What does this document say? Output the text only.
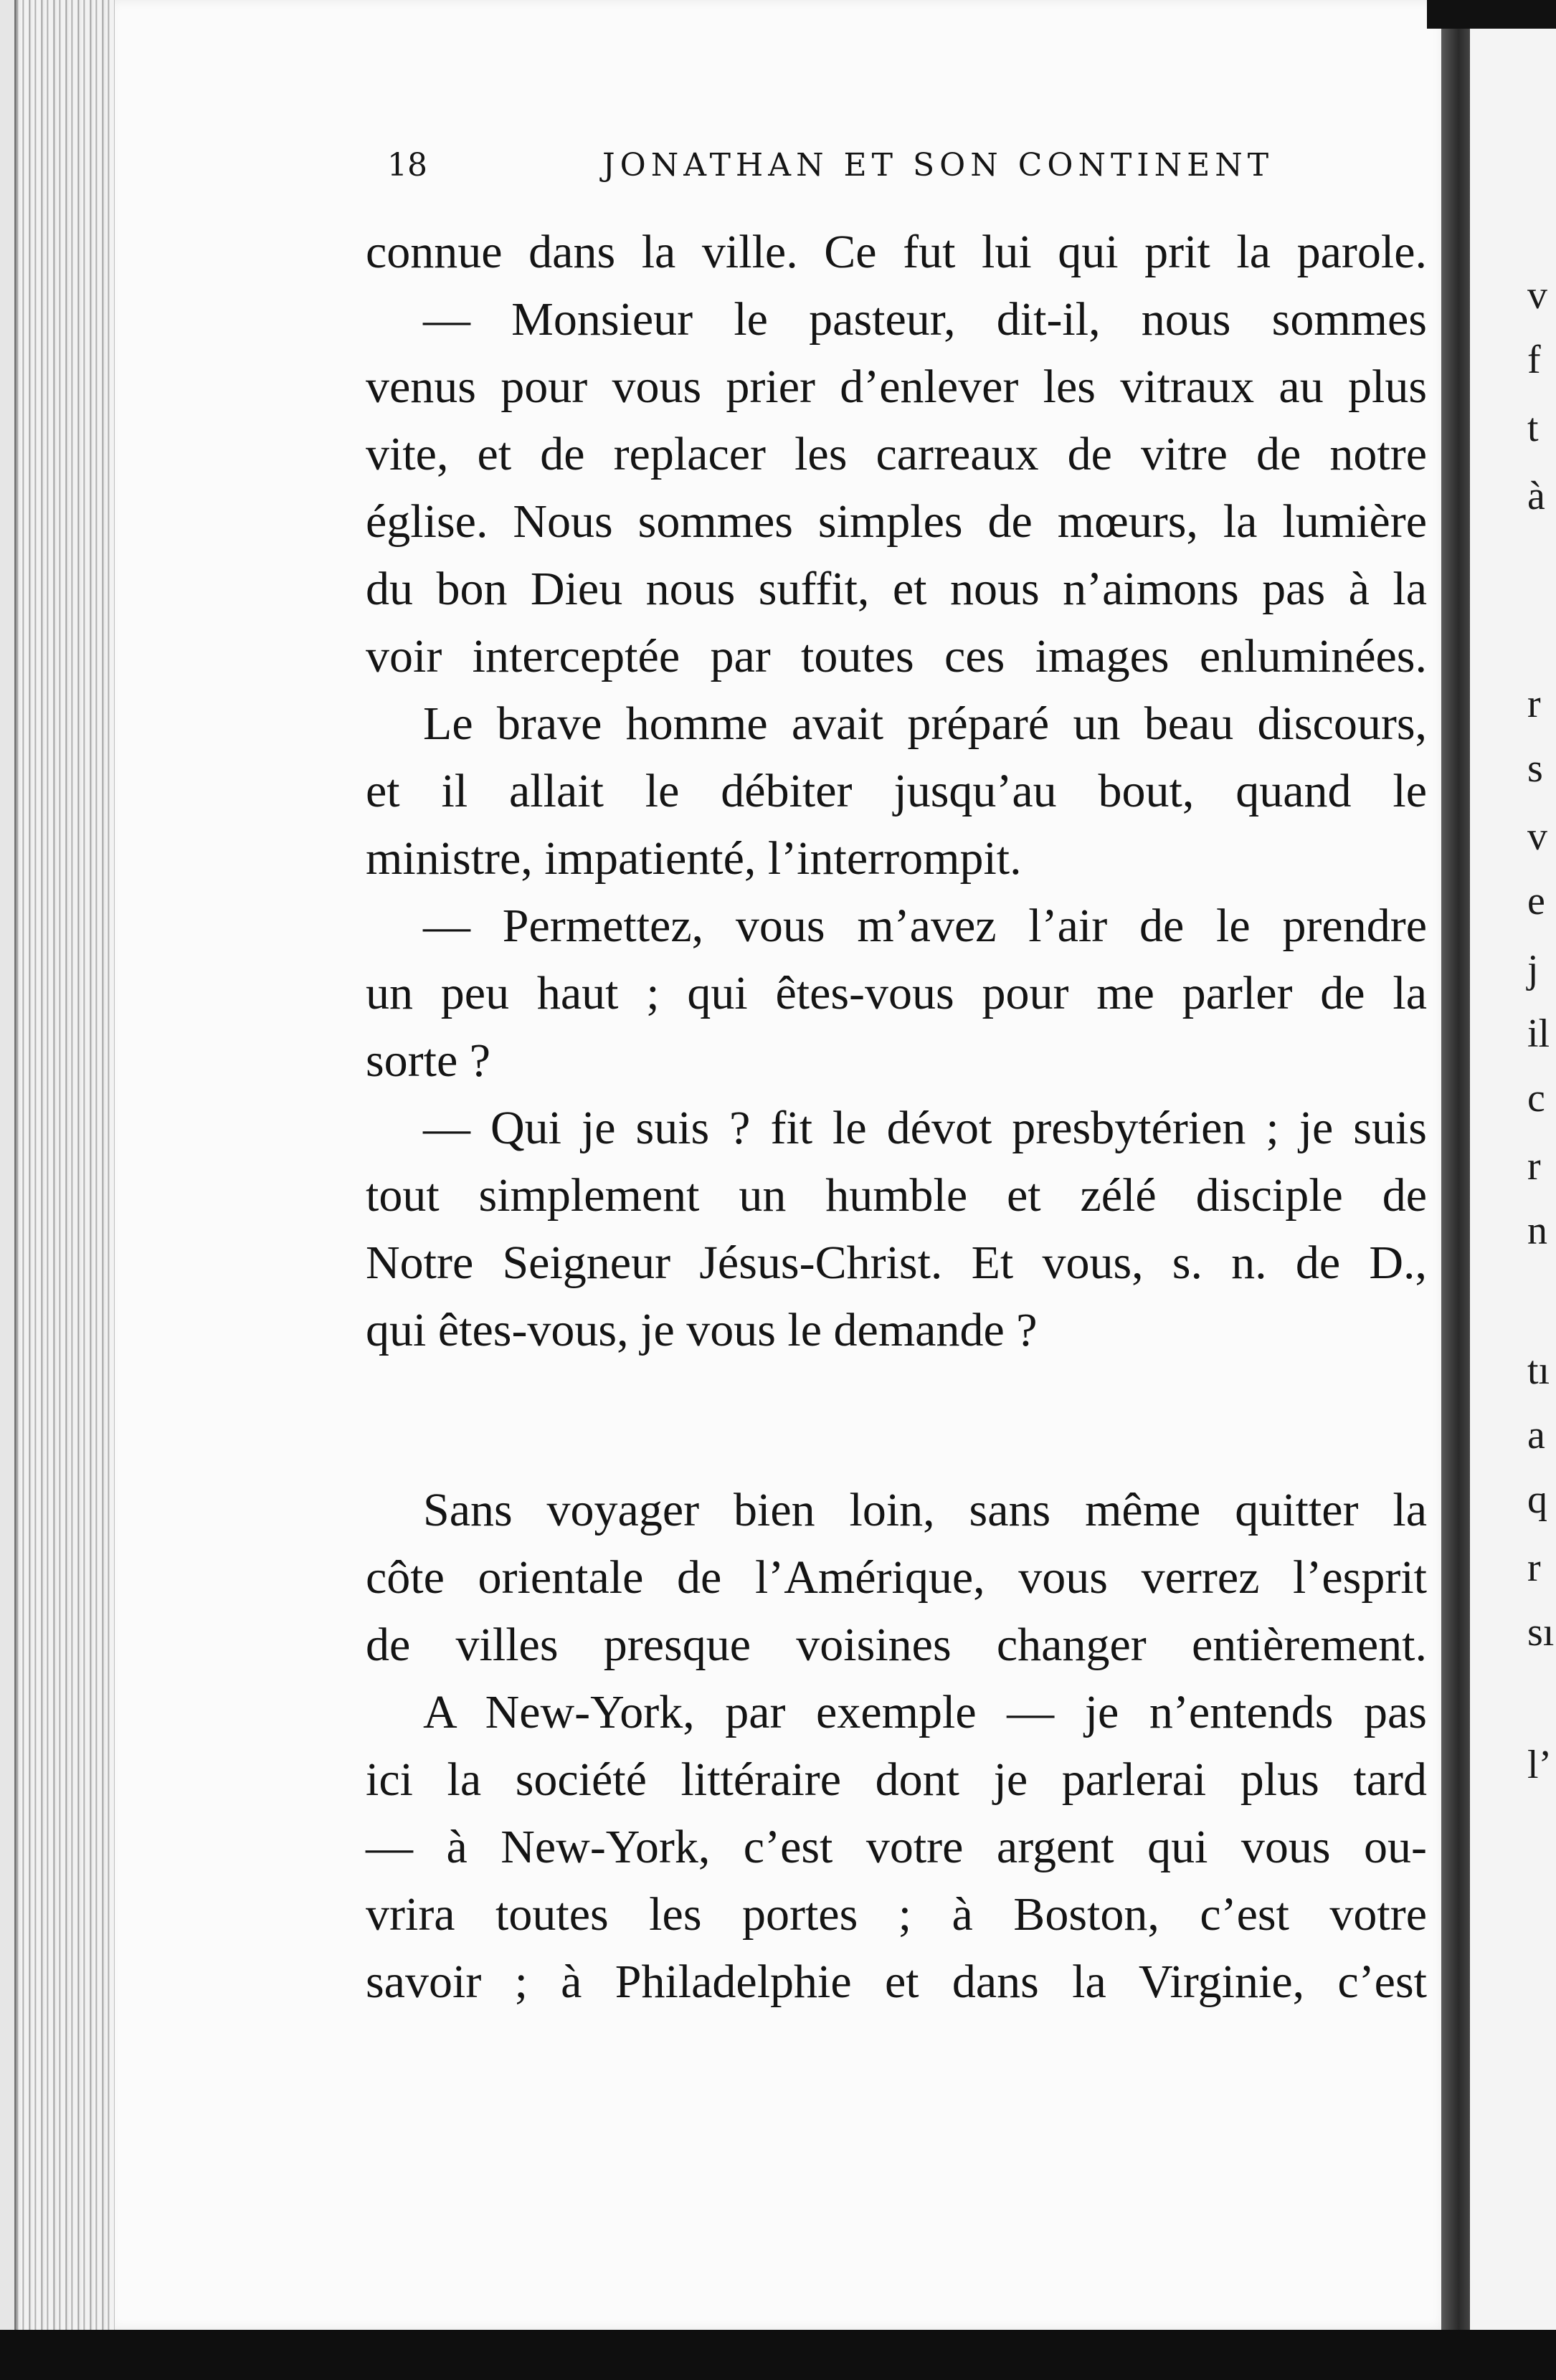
18	JONATHAN ET SON CONTINENT
connue dans la ville. Ce fut lui qui prit la parole.
— Monsieur le pasteur, dit-il, nous sommes
venus pour vous prier d’enlever les vitraux au plus
vite, et de replacer les carreaux de vitre de notre
église. Nous sommes simples de mœurs, la lumière
du bon Dieu nous suffit, et nous n’aimons pas à la
voir interceptée par toutes ces images enluminées.
Le brave homme avait préparé un beau discours,
et il allait le débiter jusqu’au bout, quand le
ministre, impatienté, l’interrompit.
— Permettez, vous m’avez l’air de le prendre
un peu haut ; qui êtes-vous pour me parler de la
sorte ?
— Qui je suis ? fit le dévot presbytérien ; je suis
tout simplement un humble et zélé disciple de
Notre Seigneur Jésus-Christ. Et vous, s. n. de D.,
qui êtes-vous, je vous le demande ?
Sans voyager bien loin, sans même quitter la
côte orientale de l’Amérique, vous verrez l’esprit
de villes presque voisines changer entièrement.
A New-York, par exemple — je n’entends pas
ici la société littéraire dont je parlerai plus tard
— à New-York, c’est votre argent qui vous ou-
vrira toutes les portes ; à Boston, c’est votre
savoir ; à Philadelphie et dans la Virginie, c’est
v
f
t
à
r
s
v
e
j
il
c
r
n
tı
a
q
r
sı
l’
